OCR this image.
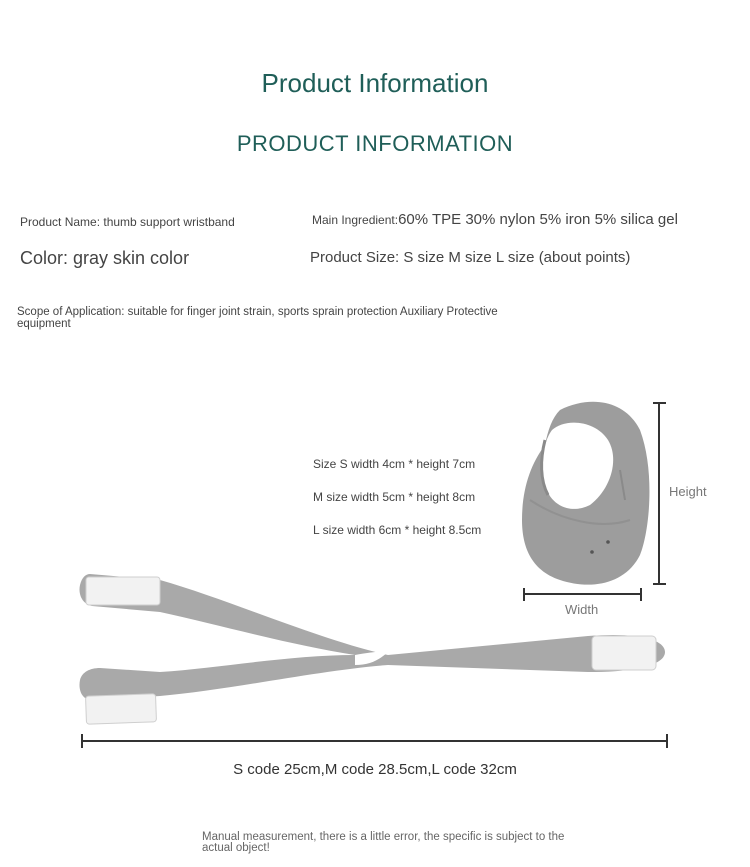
Product Information
PRODUCT INFORMATION
Product Name: thumb support wristband	Main Ingredient:60% TPE 30% nylon 5% iron 5% silica gel
Color: gray skin color	Product Size: S size M size L size (about points)
Scope of Application: suitable for finger joint strain, sports sprain protection Auxiliary Protective equipment
Size S width 4cm * height 7cm
M size width 5cm * height 8cm
L size width 6cm * height 8.5cm
Height
Width
S code 25cm,M code 28.5cm,L code 32cm
Manual measurement, there is a little error, the specific is subject to the actual object!
